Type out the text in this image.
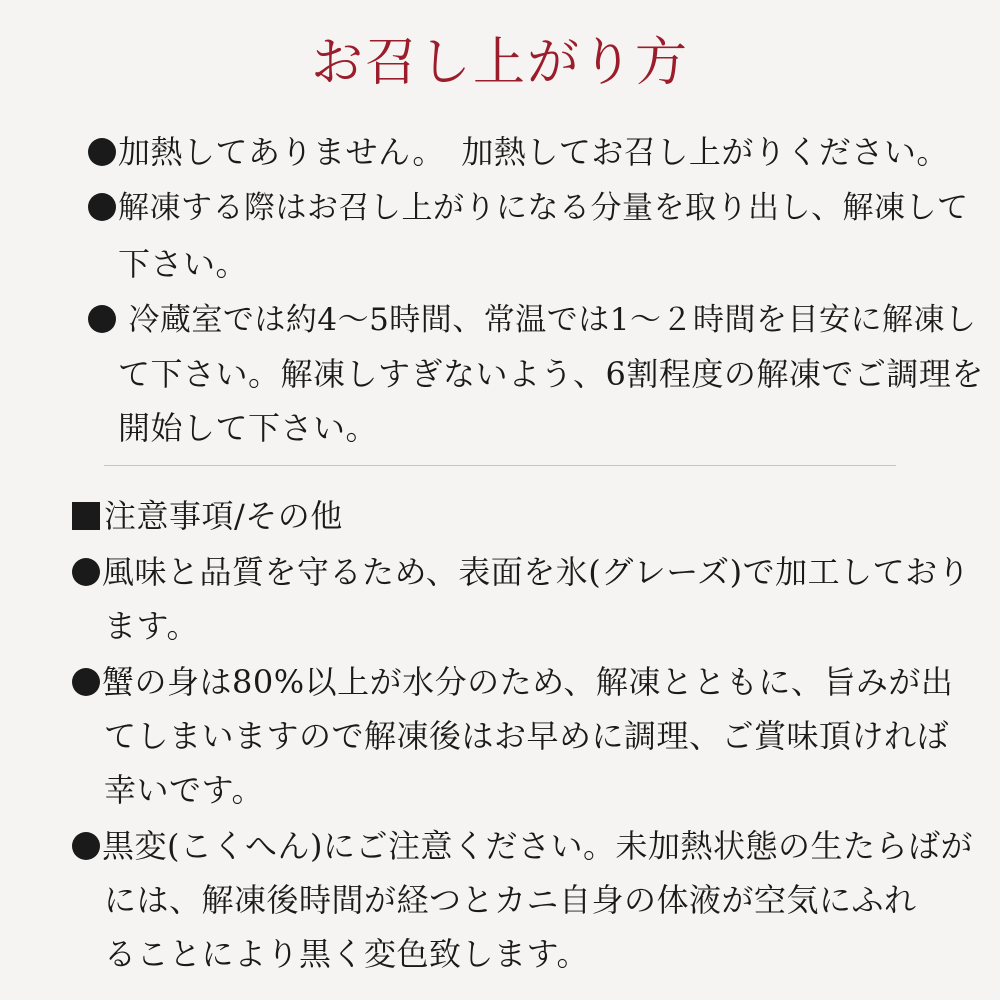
お召し上がり方
加熱してありません。　加熱してお召し上がりください。
解凍する際はお召し上がりになる分量を取り出し、解凍して
下さい。
冷蔵室では約4～5時間、常温では1～２時間を目安に解凍し
て下さい。解凍しすぎないよう、6割程度の解凍でご調理を
開始して下さい。
注意事項/その他
風味と品質を守るため、表面を氷(グレーズ)で加工しており
ます。
蟹の身は80%以上が水分のため、解凍とともに、旨みが出
てしまいますので解凍後はお早めに調理、ご賞味頂ければ
幸いです。
黒変(こくへん)にご注意ください。未加熱状態の生たらばが
には、解凍後時間が経つとカニ自身の体液が空気にふれ
ることにより黒く変色致します。
